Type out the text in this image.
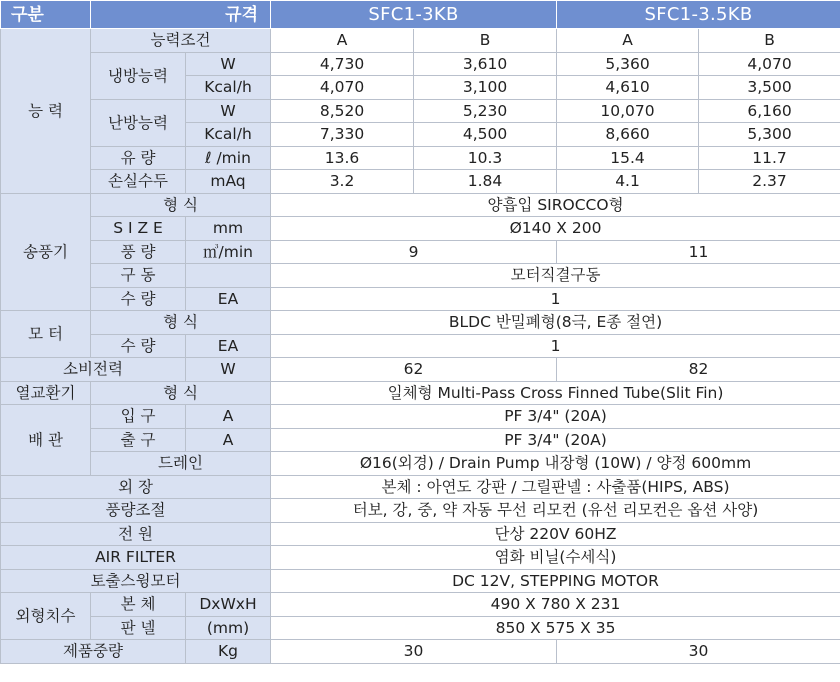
구분	규격		SFC1-3KB		SFC1-3.5KB	
능 력	능력조건		A	B	A	B
	냉방능력	W	4,730	3,610	5,360	4,070
		Kcal/h	4,070	3,100	4,610	3,500
	난방능력	W	8,520	5,230	10,070	6,160
		Kcal/h	7,330	4,500	8,660	5,300
	유 량	ℓ /min	13.6	10.3	15.4	11.7
	손실수두	mAq	3.2	1.84	4.1	2.37
송풍기	형 식		양흡입 SIROCCO형			
	S I Z E	mm	Ø140 X 200			
	풍 량	㎥/min	9		11	
	구 동		모터직결구동			
	수 량	EA	1			
모 터	형 식		BLDC 반밀폐형(8극, E종 절연)			
	수 량	EA	1			
소비전력		W	62		82	
열교환기	형 식		일체형 Multi-Pass Cross Finned Tube(Slit Fin)			
배 관	입 구	A	PF 3/4" (20A)			
	출 구	A	PF 3/4" (20A)			
	드레인		Ø16(외경) / Drain Pump 내장형 (10W) / 양정 600mm			
외 장			본체 : 아연도 강판 / 그릴판넬 : 사출품(HIPS, ABS)			
풍량조절			터보, 강, 중, 약 자동 무선 리모컨 (유선 리모컨은 옵션 사양)			
전 원			단상 220V 60HZ			
AIR FILTER			염화 비닐(수세식)			
토출스윙모터			DC 12V, STEPPING MOTOR			
외형치수	본 체	DxWxH	490 X 780 X 231			
	판 넬	(mm)	850 X 575 X 35			
제품중량		Kg	30		30	
